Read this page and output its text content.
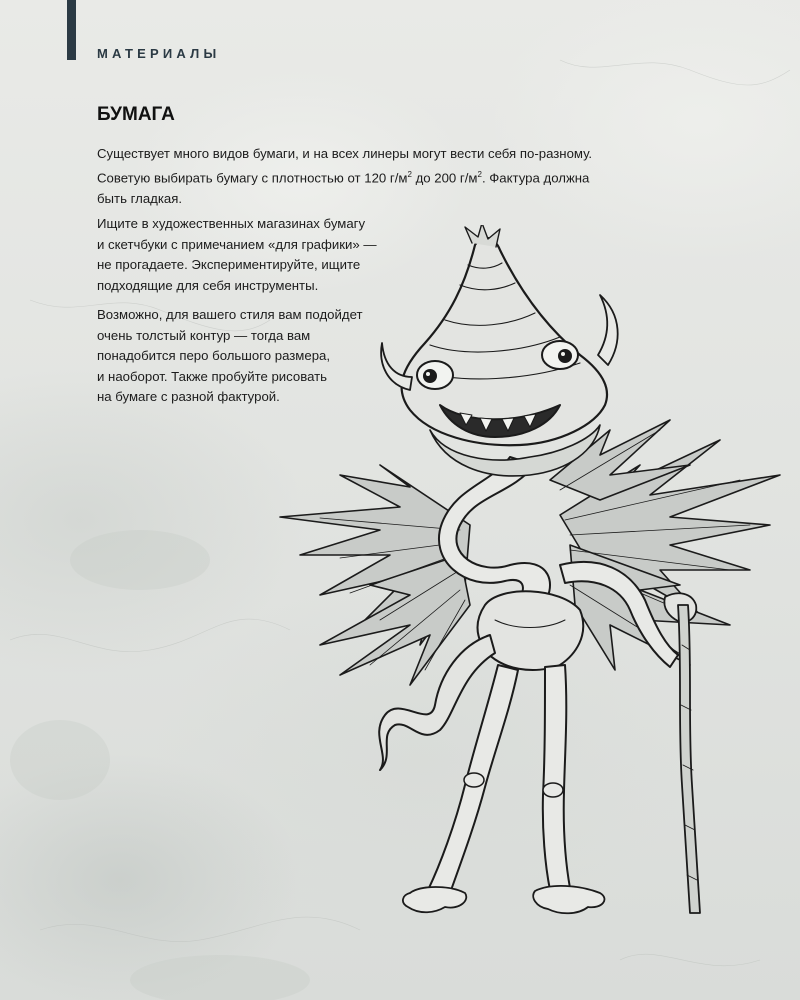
МАТЕРИАЛЫ
БУМАГА
Существует много видов бумаги, и на всех линеры могут вести себя по-разному.
Советую выбирать бумагу с плотностью от 120 $г/м^2$ до 200 $г/м^2$. Фактура должна
быть гладкая.
Ищите в художественных магазинах бумагу
и скетчбуки с примечанием «для графики» —
не прогадаете. Экспериментируйте, ищите
подходящие для себя инструменты.
Возможно, для вашего стиля вам подойдет
очень толстый контур — тогда вам
понадобится перо большого размера,
и наоборот. Также пробуйте рисовать
на бумаге с разной фактурой.
